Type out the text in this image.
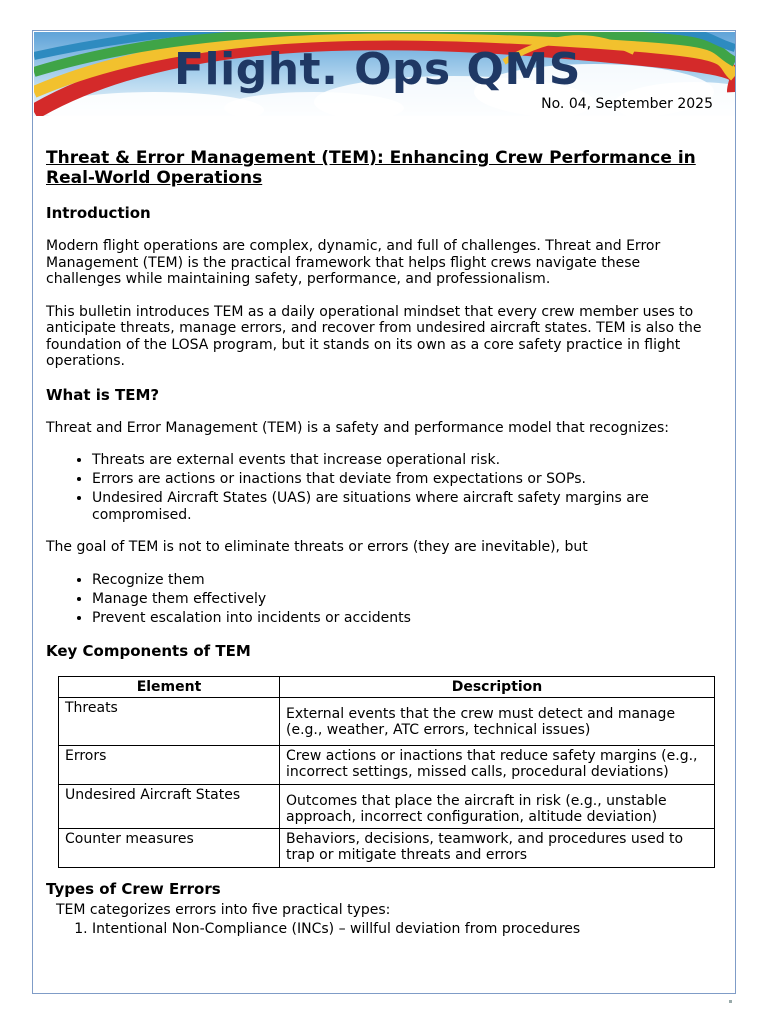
Flight. Ops QMS
No. 04, September 2025
Threat & Error Management (TEM): Enhancing Crew Performance in Real-World Operations
Introduction

Modern flight operations are complex, dynamic, and full of challenges. Threat and Error Management (TEM) is the practical framework that helps flight crews navigate these challenges while maintaining safety, performance, and professionalism.

This bulletin introduces TEM as a daily operational mindset that every crew member uses to anticipate threats, manage errors, and recover from undesired aircraft states. TEM is also the foundation of the LOSA program, but it stands on its own as a core safety practice in flight operations.

What is TEM?

Threat and Error Management (TEM) is a safety and performance model that recognizes:

• Threats are external events that increase operational risk.
• Errors are actions or inactions that deviate from expectations or SOPs.
• Undesired Aircraft States (UAS) are situations where aircraft safety margins are compromised.

The goal of TEM is not to eliminate threats or errors (they are inevitable), but

• Recognize them
• Manage them effectively
• Prevent escalation into incidents or accidents
Key Components of TEM
Element	Description
Threats	External events that the crew must detect and manage (e.g., weather, ATC errors, technical issues)
Errors	Crew actions or inactions that reduce safety margins (e.g., incorrect settings, missed calls, procedural deviations)
Undesired Aircraft States	Outcomes that place the aircraft in risk (e.g., unstable approach, incorrect configuration, altitude deviation)
Counter measures	Behaviors, decisions, teamwork, and procedures used to trap or mitigate threats and errors
Types of Crew Errors

TEM categorizes errors into five practical types:

1. Intentional Non-Compliance (INCs) – willful deviation from procedures
